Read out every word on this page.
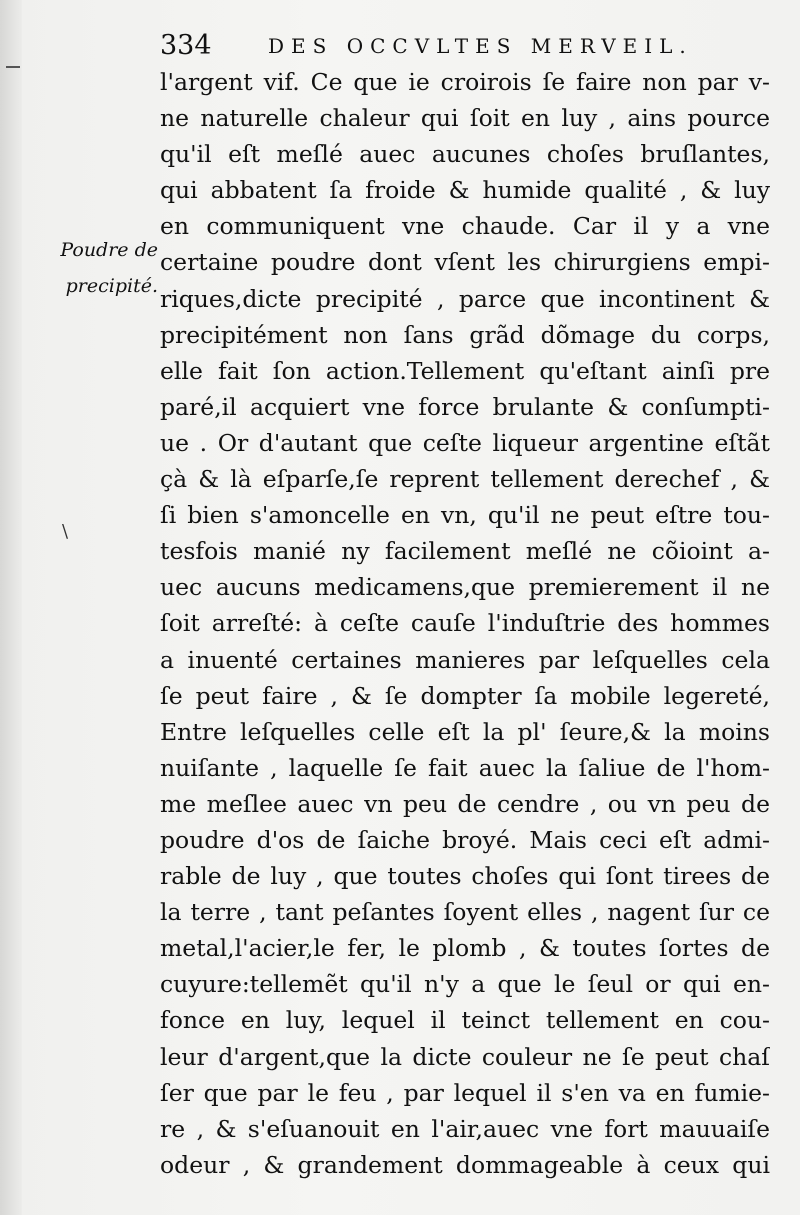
334	DES OCCVLTES MERVEIL.
Poudre de
precipité.
\
l'argent vif. Ce que ie croirois ſe faire non par v-
ne naturelle chaleur qui ſoit en luy , ains pource
qu'il eſt meſlé auec aucunes choſes bruſlantes,
qui abbatent ſa froide & humide qualité , & luy
en communiquent vne chaude. Car il y a vne
certaine poudre dont vſent les chirurgiens empi-
riques,dicte precipité , parce que incontinent &
precipitément non ſans grãd dõmage du corps,
elle fait ſon action.Tellement qu'eſtant ainſi pre
paré,il acquiert vne force brulante & conſumpti-
ue . Or d'autant que ceſte liqueur argentine eſtãt
çà & là eſparſe,ſe reprent tellement derechef , &
ſi bien s'amoncelle en vn, qu'il ne peut eſtre tou-
tesfois manié ny facilement meſlé ne cõioint a-
uec aucuns medicamens,que premierement il ne
ſoit arreſté: à ceſte cauſe l'induſtrie des hommes
a inuenté certaines manieres par leſquelles cela
ſe peut faire , & ſe dompter ſa mobile legereté,
Entre leſquelles celle eſt la pl' ſeure,& la moins
nuiſante , laquelle ſe fait auec la ſaliue de l'hom-
me meſlee auec vn peu de cendre , ou vn peu de
poudre d'os de ſaiche broyé. Mais ceci eſt admi-
rable de luy , que toutes choſes qui ſont tirees de
la terre , tant peſantes ſoyent elles , nagent ſur ce
metal,l'acier,le fer, le plomb , & toutes ſortes de
cuyure:tellemẽt qu'il n'y a que le ſeul or qui en-
fonce en luy, lequel il teinct tellement en cou-
leur d'argent,que la dicte couleur ne ſe peut chaſ
ſer que par le feu , par lequel il s'en va en fumie-
re , & s'eſuanouit en l'air,auec vne fort mauuaiſe
odeur , & grandement dommageable à ceux qui
